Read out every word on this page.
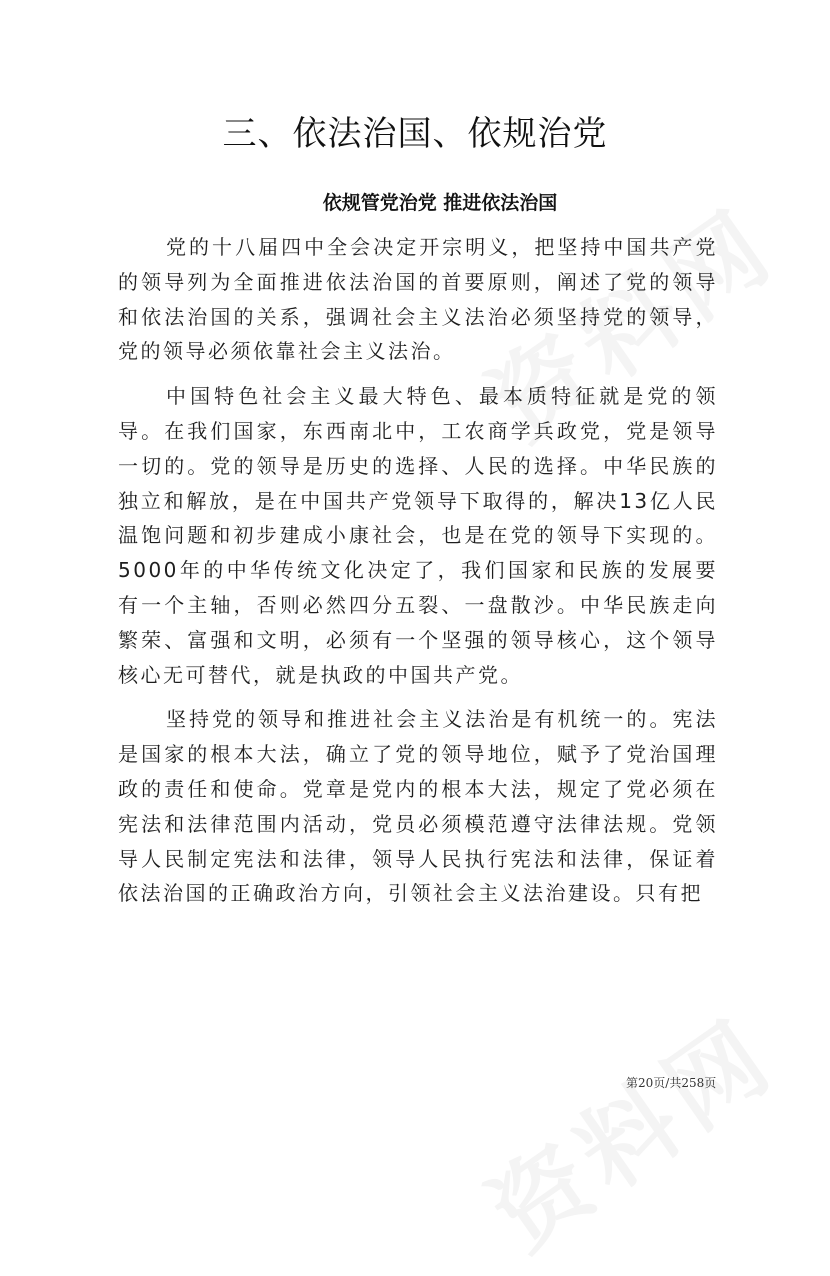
三、依法治国、依规治党
依规管党治党 推进依法治国

党的十八届四中全会决定开宗明义，把坚持中国共产党的领导列为全面推进依法治国的首要原则，阐述了党的领导和依法治国的关系，强调社会主义法治必须坚持党的领导，党的领导必须依靠社会主义法治。

中国特色社会主义最大特色、最本质特征就是党的领导。在我们国家，东西南北中，工农商学兵政党，党是领导一切的。党的领导是历史的选择、人民的选择。中华民族的独立和解放，是在中国共产党领导下取得的，解决13亿人民温饱问题和初步建成小康社会，也是在党的领导下实现的。5000年的中华传统文化决定了，我们国家和民族的发展要有一个主轴，否则必然四分五裂、一盘散沙。中华民族走向繁荣、富强和文明，必须有一个坚强的领导核心，这个领导核心无可替代，就是执政的中国共产党。

坚持党的领导和推进社会主义法治是有机统一的。宪法是国家的根本大法，确立了党的领导地位，赋予了党治国理政的责任和使命。党章是党内的根本大法，规定了党必须在宪法和法律范围内活动，党员必须模范遵守法律法规。党领导人民制定宪法和法律，领导人民执行宪法和法律，保证着依法治国的正确政治方向，引领社会主义法治建设。只有把

第20页/共258页
